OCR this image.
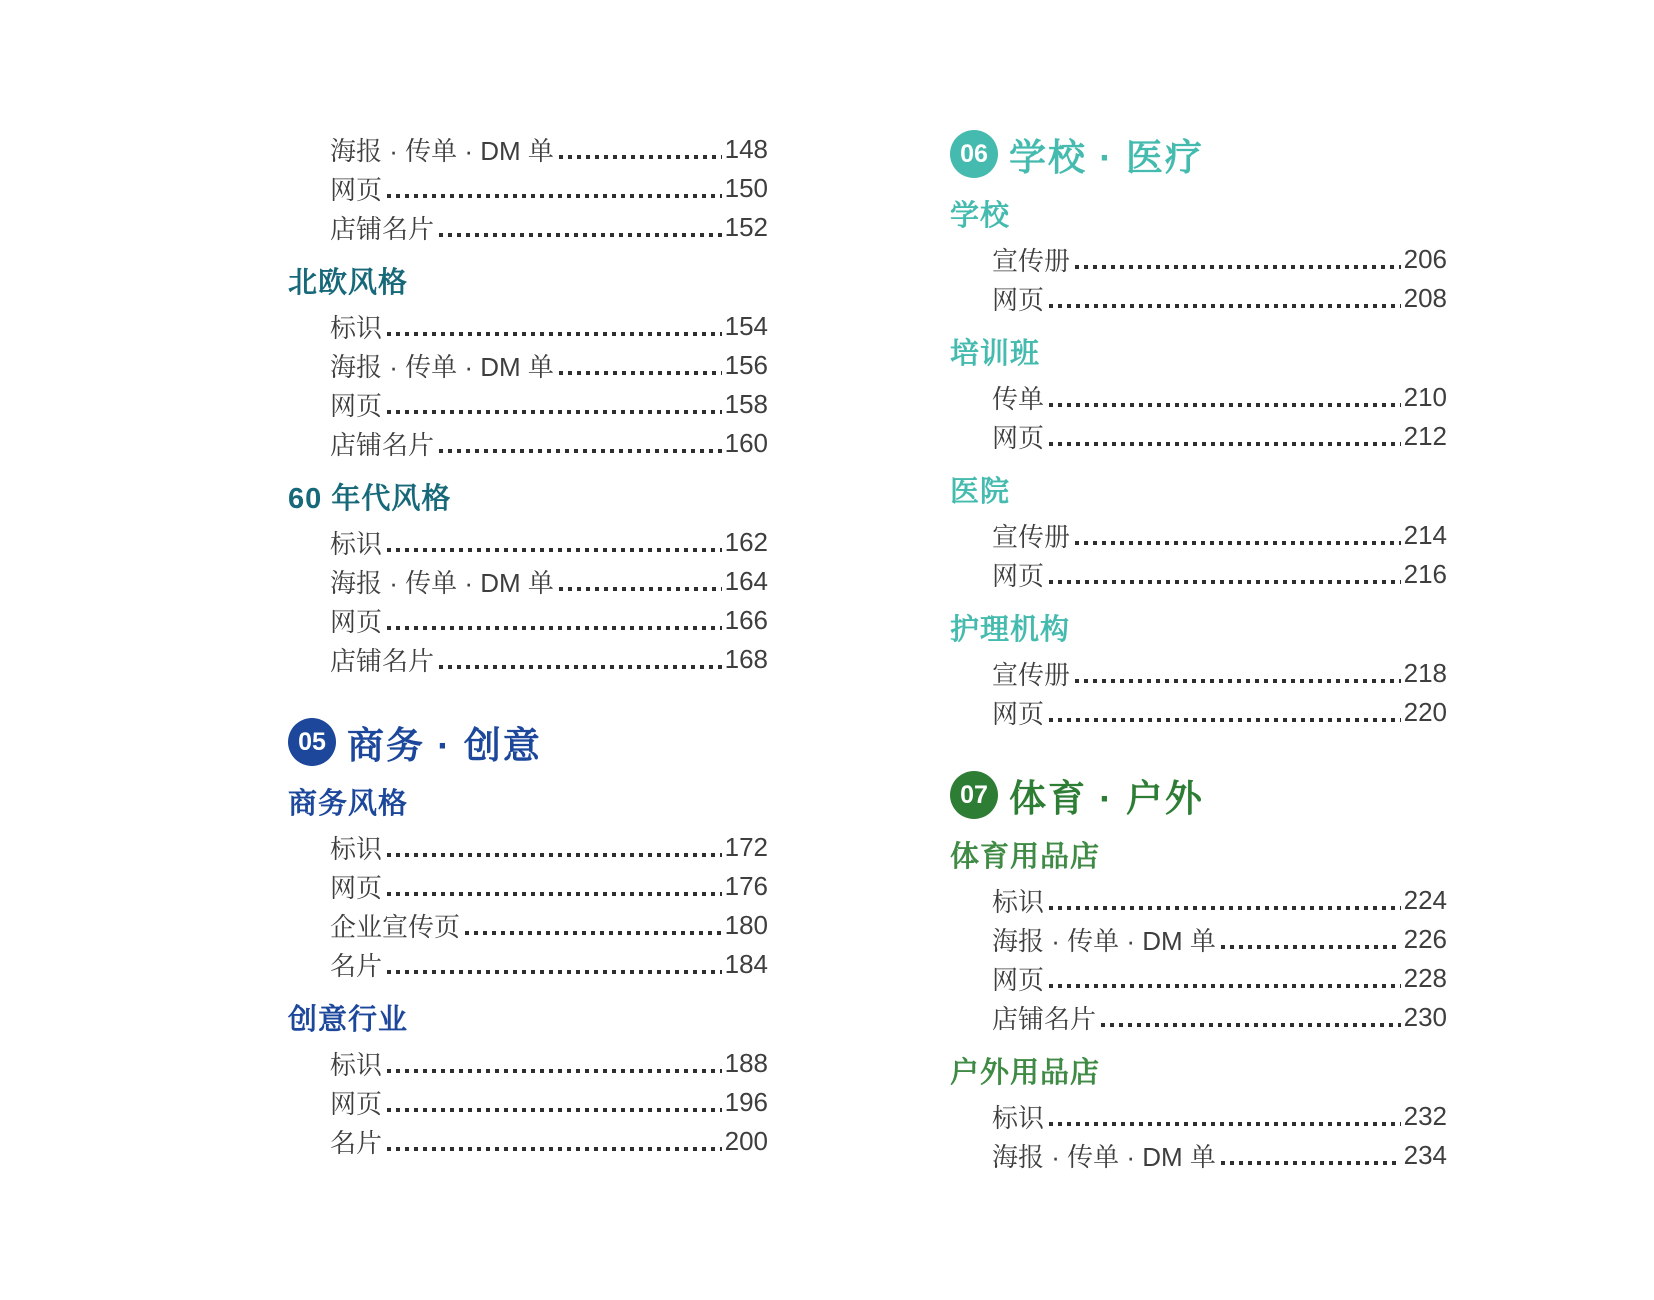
海报 · 传单 · DM 单	148
网页	150
店铺名片	152
北欧风格
标识	154
海报 · 传单 · DM 单	156
网页	158
店铺名片	160
60 年代风格
标识	162
海报 · 传单 · DM 单	164
网页	166
店铺名片	168
05 商务 · 创意
商务风格
标识	172
网页	176
企业宣传页	180
名片	184
创意行业
标识	188
网页	196
名片	200
06 学校 · 医疗
学校
宣传册	206
网页	208
培训班
传单	210
网页	212
医院
宣传册	214
网页	216
护理机构
宣传册	218
网页	220
07 体育 · 户外
体育用品店
标识	224
海报 · 传单 · DM 单	226
网页	228
店铺名片	230
户外用品店
标识	232
海报 · 传单 · DM 单	234
